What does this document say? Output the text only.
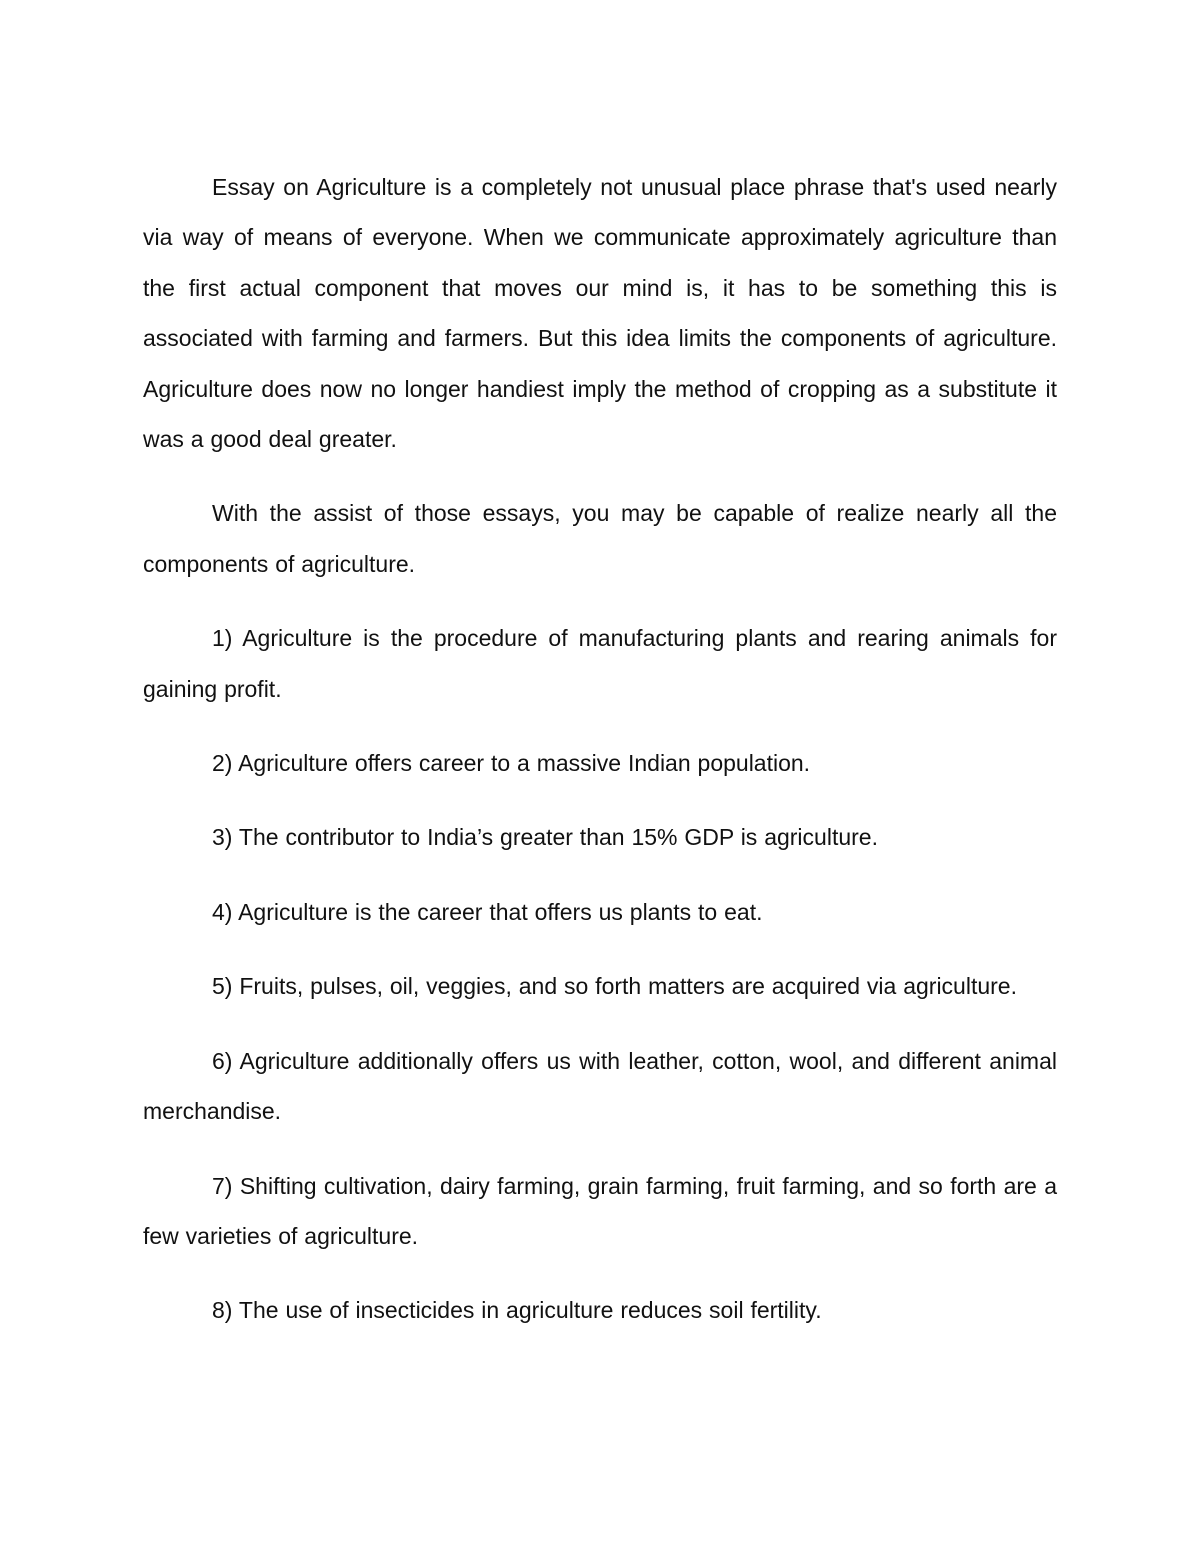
Essay on Agriculture is a completely not unusual place phrase that's used nearly via way of means of everyone. When we communicate approximately agriculture than the first actual component that moves our mind is, it has to be something this is associated with farming and farmers. But this idea limits the components of agriculture. Agriculture does now no longer handiest imply the method of cropping as a substitute it was a good deal greater.

With the assist of those essays, you may be capable of realize nearly all the components of agriculture.

1) Agriculture is the procedure of manufacturing plants and rearing animals for gaining profit.

2) Agriculture offers career to a massive Indian population.

3) The contributor to India’s greater than 15% GDP is agriculture.

4) Agriculture is the career that offers us plants to eat.

5) Fruits, pulses, oil, veggies, and so forth matters are acquired via agriculture.

6) Agriculture additionally offers us with leather, cotton, wool, and different animal merchandise.

7) Shifting cultivation, dairy farming, grain farming, fruit farming, and so forth are a few varieties of agriculture.

8) The use of insecticides in agriculture reduces soil fertility.
